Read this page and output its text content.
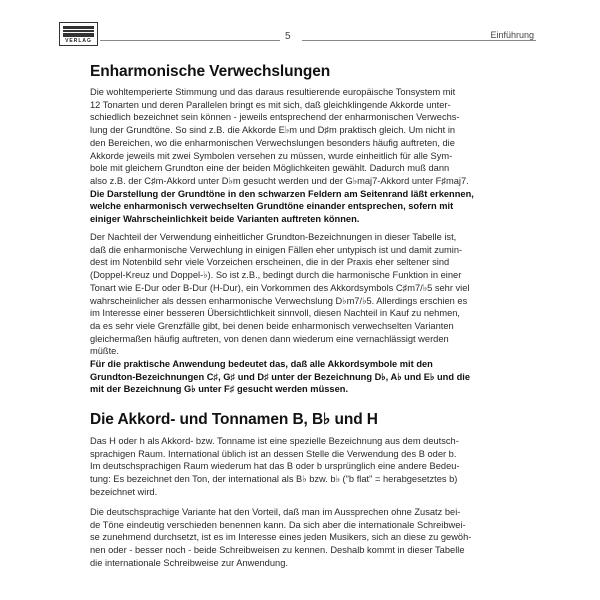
VERLAG	5	Einführung
Enharmonische Verwechslungen
Die wohltemperierte Stimmung und das daraus resultierende europäische Tonsystem mit
12 Tonarten und deren Parallelen bringt es mit sich, daß gleichklingende Akkorde unter-
schiedlich bezeichnet sein können - jeweils entsprechend der enharmonischen Verwechs-
lung der Grundtöne. So sind z.B. die Akkorde E♭m und D♯m praktisch gleich. Um nicht in
den Bereichen, wo die enharmonischen Verwechslungen besonders häufig auftreten, die
Akkorde jeweils mit zwei Symbolen versehen zu müssen, wurde einheitlich für alle Sym-
bole mit gleichem Grundton eine der beiden Möglichkeiten gewählt. Dadurch muß dann
also z.B. der C♯m-Akkord unter D♭m gesucht werden und der G♭maj7-Akkord unter F♯maj7.
Die Darstellung der Grundtöne in den schwarzen Feldern am Seitenrand läßt erkennen,
welche enharmonisch verwechselten Grundtöne einander entsprechen, sofern mit
einiger Wahrscheinlichkeit beide Varianten auftreten können.
Der Nachteil der Verwendung einheitlicher Grundton-Bezeichnungen in dieser Tabelle ist,
daß die enharmonische Verwechlung in einigen Fällen eher untypisch ist und damit zumin-
dest im Notenbild sehr viele Vorzeichen erscheinen, die in der Praxis eher seltener sind
(Doppel-Kreuz und Doppel-♭). So ist z.B., bedingt durch die harmonische Funktion in einer
Tonart wie E-Dur oder B-Dur (H-Dur), ein Vorkommen des Akkordsymbols C♯m7/♭5 sehr viel
wahrscheinlicher als dessen enharmonische Verwechslung D♭m7/♭5. Allerdings erschien es
im Interesse einer besseren Übersichtlichkeit sinnvoll, diesen Nachteil in Kauf zu nehmen,
da es sehr viele Grenzfälle gibt, bei denen beide enharmonisch verwechselten Varianten
gleichermaßen häufig auftreten, von denen dann wiederum eine vernachlässigt werden
müßte.
Für die praktische Anwendung bedeutet das, daß alle Akkordsymbole mit den
Grundton-Bezeichnungen C♯, G♯ und D♯ unter der Bezeichnung D♭, A♭ und E♭ und die
mit der Bezeichnung G♭ unter F♯ gesucht werden müssen.
Die Akkord- und Tonnamen B, B♭ und H
Das H oder h als Akkord- bzw. Tonname ist eine spezielle Bezeichnung aus dem deutsch-
sprachigen Raum. International üblich ist an dessen Stelle die Verwendung des B oder b.
Im deutschsprachigen Raum wiederum hat das B oder b ursprünglich eine andere Bedeu-
tung: Es bezeichnet den Ton, der international als B♭ bzw. b♭ ("b flat" = herabgesetztes b)
bezeichnet wird.
Die deutschsprachige Variante hat den Vorteil, daß man im Aussprechen ohne Zusatz bei-
de Töne eindeutig verschieden benennen kann. Da sich aber die internationale Schreibwei-
se zunehmend durchsetzt, ist es im Interesse eines jeden Musikers, sich an diese zu gewöh-
nen oder - besser noch - beide Schreibweisen zu kennen. Deshalb kommt in dieser Tabelle
die internationale Schreibweise zur Anwendung.
